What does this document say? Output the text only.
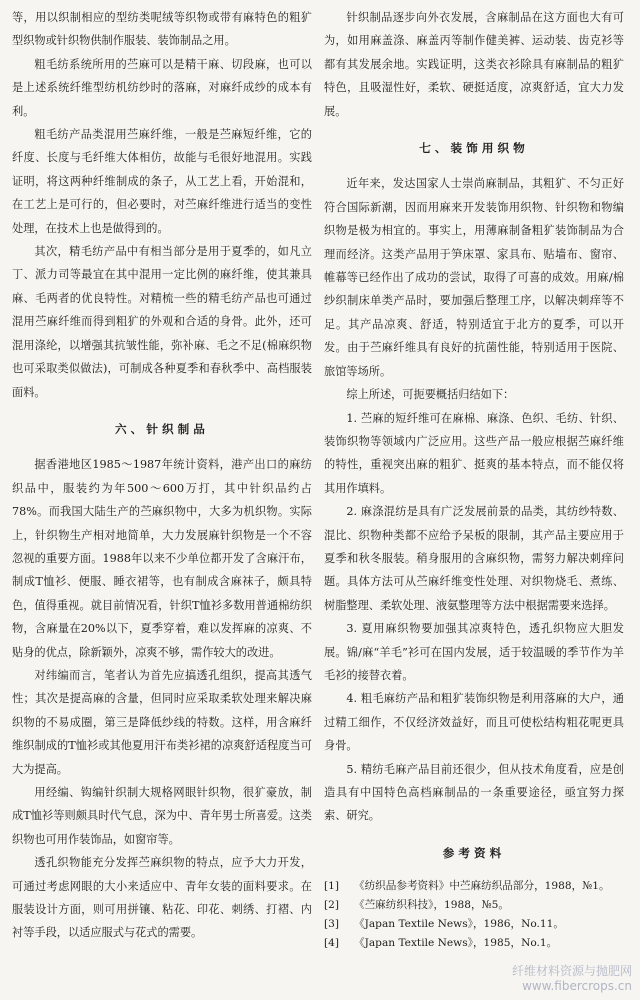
等，用以织制相应的型纺类呢绒等织物或带有麻特色的粗犷型织物或针织物供制作服装、装饰制品之用。

粗毛纺系统所用的苎麻可以是精干麻、切段麻，也可以是上述系统纤维型纺机纺纱时的落麻，对麻纤成纱的成本有利。

粗毛纺产品类混用苎麻纤维，一般是苎麻短纤维，它的纤度、长度与毛纤维大体相仿，故能与毛很好地混用。实践证明，将这两种纤维制成的条子，从工艺上看，开始混和，在工艺上是可行的，但必要时，对苎麻纤维进行适当的变性处理，在技术上也是做得到的。

其次，精毛纺产品中有相当部分是用于夏季的，如凡立丁、派力司等最宜在其中混用一定比例的麻纤维，使其兼具麻、毛两者的优良特性。对精梳一些的精毛纺产品也可通过混用苎麻纤维而得到粗犷的外观和合适的身骨。此外，还可混用涤纶，以增强其抗皱性能，弥补麻、毛之不足(棉麻织物也可采取类似做法)，可制成各种夏季和春秋季中、高档服装面料。

六、针织制品

据香港地区1985～1987年统计资料，港产出口的麻纺织品中，服装约为年500～600万打，其中针织品约占78%。而我国大陆生产的苎麻织物中，大多为机织物。实际上，针织物生产相对地简单，大力发展麻针织物是一个不容忽视的重要方面。1988年以来不少单位都开发了含麻汗布，制成T恤衫、便服、睡衣裙等，也有制成含麻袜子，颇具特色，值得重视。就目前情况看，针织T恤衫多数用普通棉纺织物，含麻量在20%以下，夏季穿着，难以发挥麻的凉爽、不贴身的优点，除新颖外，凉爽不够，需作较大的改进。

对纬编而言，笔者认为首先应搞透孔组织，提高其透气性；其次是提高麻的含量，但同时应采取柔软处理来解决麻织物的不易成圈，第三是降低纱线的特数。这样，用含麻纤维织制成的T恤衫或其他夏用汗布类衫裙的凉爽舒适程度当可大为提高。

用经编、钩编针织制大规格网眼针织物，很犷豪放，制成T恤衫等则颇具时代气息，深为中、青年男士所喜爱。这类织物也可用作装饰品，如窗帘等。

透孔织物能充分发挥苎麻织物的特点，应予大力开发，可通过考虑网眼的大小来适应中、青年女装的面料要求。在服装设计方面，则可用拼镶、粘花、印花、刺绣、打褶、内衬等手段，以适应服式与花式的需要。

针织制品逐步向外衣发展，含麻制品在这方面也大有可为，如用麻盖涤、麻盖丙等制作健美裤、运动装、齿克衫等都有其发展余地。实践证明，这类衣衫除具有麻制品的粗犷特色，且吸湿性好，柔软、硬挺适度，凉爽舒适，宜大力发展。

七、装饰用织物

近年来，发达国家人士崇尚麻制品，其粗犷、不匀正好符合国际新潮，因而用麻来开发装饰用织物、针织物和物编织物是极为相宜的。事实上，用薄麻制备粗犷装饰制品为合理而经济。这类产品用于笋床罩、家具布、贴墙布、窗帘、帷幕等已经作出了成功的尝试，取得了可喜的成效。用麻/棉纱织制床单类产品时，要加强后整理工序，以解决刺痒等不足。其产品凉爽、舒适，特别适宜于北方的夏季，可以开发。由于苎麻纤维具有良好的抗菌性能，特别适用于医院、旅馆等场所。

综上所述，可扼要概括归结如下：

1. 苎麻的短纤维可在麻棉、麻涤、色织、毛纺、针织、装饰织物等领域内广泛应用。这些产品一般应根据苎麻纤维的特性，重视突出麻的粗犷、挺爽的基本特点，而不能仅将其用作填料。

2. 麻涤混纺是具有广泛发展前景的品类，其纺纱特数、混比、织物种类都不应给予呆板的限制，其产品主要应用于夏季和秋冬服装。稍身服用的含麻织物，需努力解决刺痒问题。具体方法可从苎麻纤维变性处理、对织物烧毛、煮练、树脂整理、柔软处理、液氨整理等方法中根据需要来选择。

3. 夏用麻织物要加强其凉爽特色，透孔织物应大胆发展。锦/麻“羊毛”衫可在国内发展，适于较温暖的季节作为羊毛衫的接替衣着。

4. 粗毛麻纺产品和粗犷装饰织物是利用落麻的大户，通过精工细作，不仅经济效益好，而且可使松结构粗花呢更具身骨。

5. 精纺毛麻产品目前还很少，但从技术角度看，应是创造具有中国特色高档麻制品的一条重要途径，亟宜努力探索、研究。

参考资料
[1]	《纺织品参考资料》中苎麻纺织品部分，1988，№1。
[2]	《苎麻纺织科技》，1988，№5。
[3]	《Japan Textile News》，1986，No.11。
[4]	《Japan Textile News》，1985，No.1。
纤维材料资源与抛肥网
www.fibercrops.cn
